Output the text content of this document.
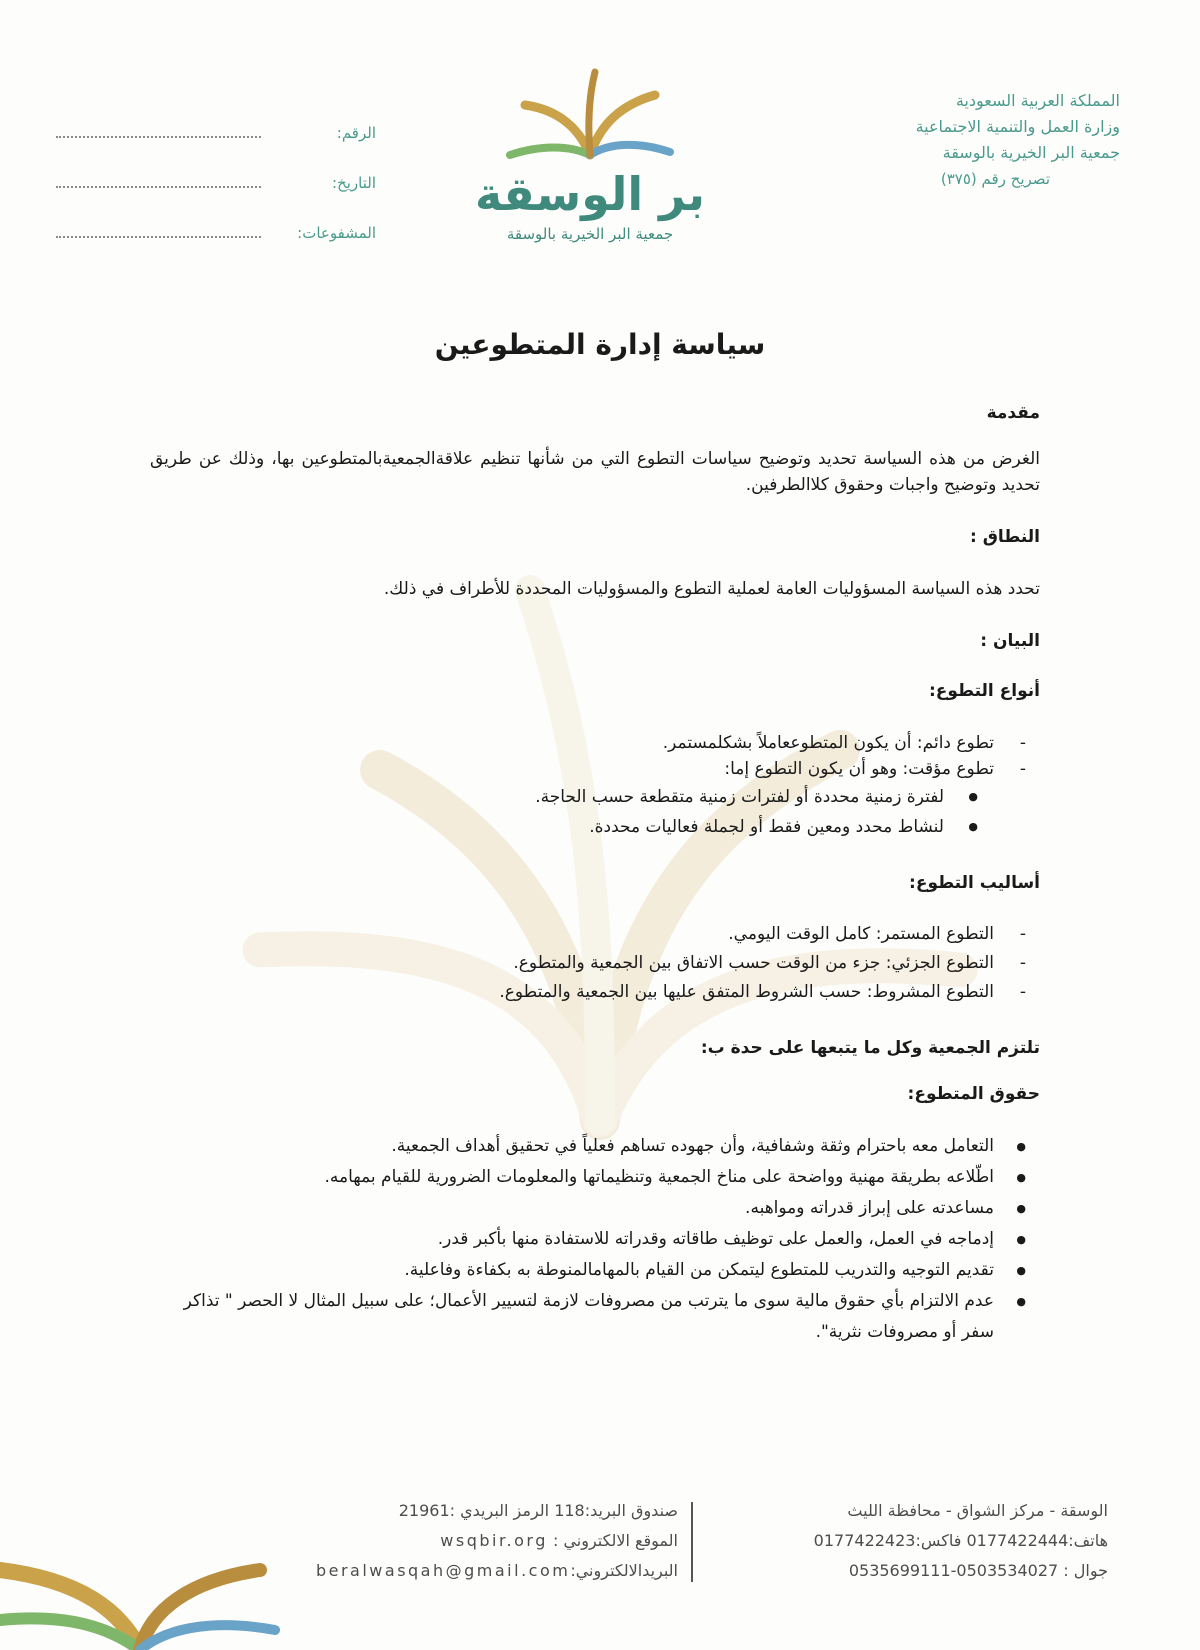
المملكة العربية السعودية
وزارة العمل والتنمية الاجتماعية
جمعية البر الخيرية بالوسقة
تصريح رقم (٣٧٥)
الرقم:
التاريخ:
المشفوعات:
بر الوسقة
جمعية البر الخيرية بالوسقة
سياسة إدارة المتطوعين

مقدمة

الغرض من هذه السياسة تحديد وتوضيح سياسات التطوع التي من شأنها تنظيم علاقةالجمعيةبالمتطوعين بها، وذلك عن طريق تحديد وتوضيح واجبات وحقوق كلاالطرفين.

النطاق :

تحدد هذه السياسة المسؤوليات العامة لعملية التطوع والمسؤوليات المحددة للأطراف في ذلك.

البيان :

أنواع التطوع:

- تطوع دائم: أن يكون المتطوععاملاً بشكلمستمر.
- تطوع مؤقت: وهو أن يكون التطوع إما:
● لفترة زمنية محددة أو لفترات زمنية متقطعة حسب الحاجة.
● لنشاط محدد ومعين فقط أو لجملة فعاليات محددة.

أساليب التطوع:

- التطوع المستمر: كامل الوقت اليومي.
- التطوع الجزئي: جزء من الوقت حسب الاتفاق بين الجمعية والمتطوع.
- التطوع المشروط: حسب الشروط المتفق عليها بين الجمعية والمتطوع.

تلتزم الجمعية وكل ما يتبعها على حدة ب:

حقوق المتطوع:

● التعامل معه باحترام وثقة وشفافية، وأن جهوده تساهم فعلياً في تحقيق أهداف الجمعية.
● اطّلاعه بطريقة مهنية وواضحة على مناخ الجمعية وتنظيماتها والمعلومات الضرورية للقيام بمهامه.
● مساعدته على إبراز قدراته ومواهبه.
● إدماجه في العمل، والعمل على توظيف طاقاته وقدراته للاستفادة منها بأكبر قدر.
● تقديم التوجيه والتدريب للمتطوع ليتمكن من القيام بالمهامالمنوطة به بكفاءة وفاعلية.
● عدم الالتزام بأي حقوق مالية سوى ما يترتب من مصروفات لازمة لتسيير الأعمال؛ على سبيل المثال لا الحصر " تذاكر سفر أو مصروفات نثرية".
الوسقة - مركز الشواق - محافظة الليث
هاتف:0177422444 فاكس:0177422423
جوال : 0503534027-0535699111
صندوق البريد:118 الرمز البريدي :21961
الموقع الالكتروني : wsqbir.org
البريدالالكتروني:beralwasqah@gmail.com
